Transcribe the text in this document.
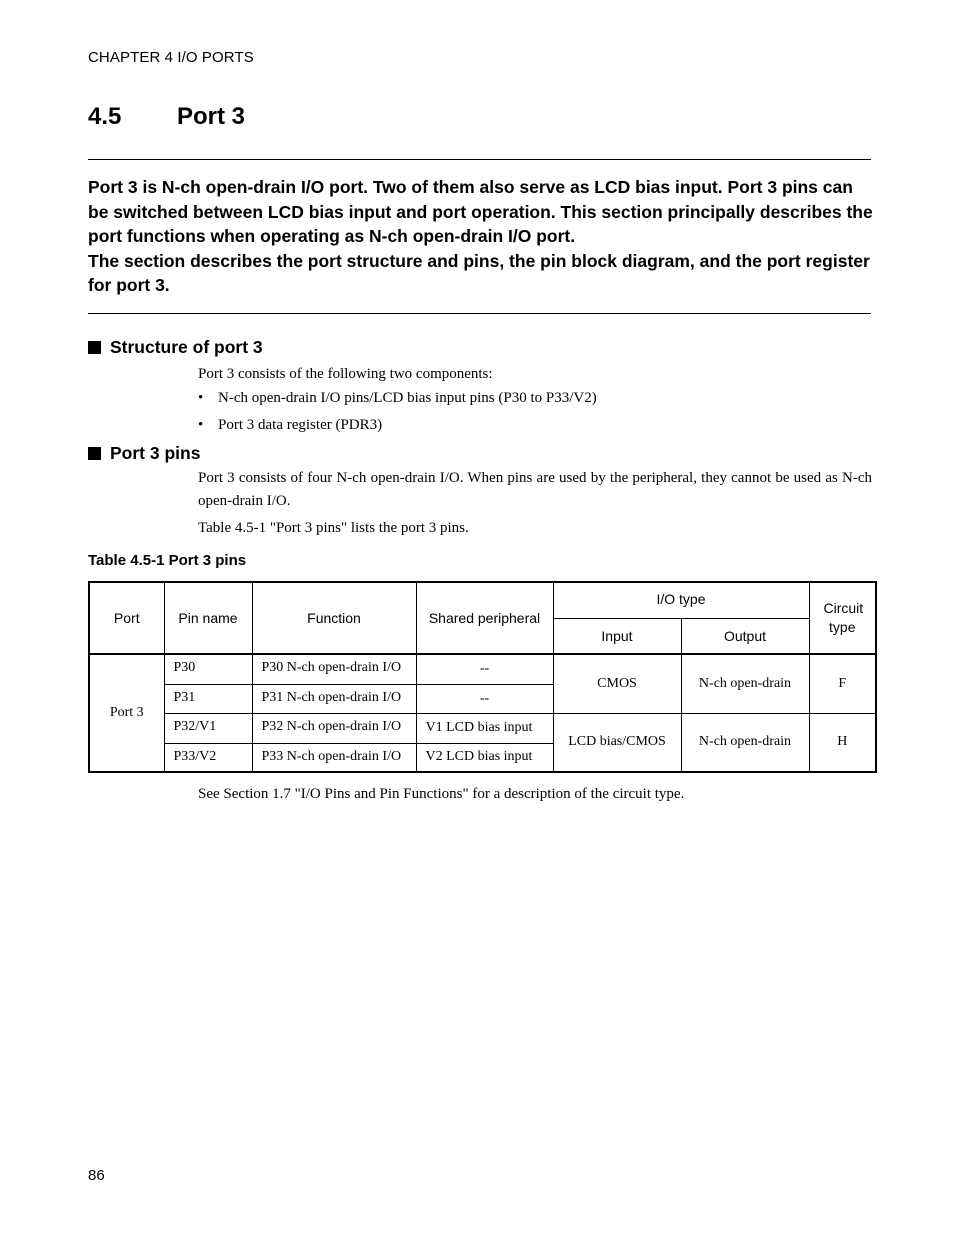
CHAPTER 4 I/O PORTS
4.5 Port 3

Port 3 is N-ch open-drain I/O port. Two of them also serve as LCD bias input. Port 3 pins can be switched between LCD bias input and port operation. This section principally describes the port functions when operating as N-ch open-drain I/O port.

The section describes the port structure and pins, the pin block diagram, and the port register for port 3.

Structure of port 3
Port 3 consists of the following two components:
• N-ch open-drain I/O pins/LCD bias input pins (P30 to P33/V2)
• Port 3 data register (PDR3)
Port 3 pins
Port 3 consists of four N-ch open-drain I/O. When pins are used by the peripheral, they cannot be used as N-ch open-drain I/O.
Table 4.5-1 "Port 3 pins" lists the port 3 pins.
Table 4.5-1 Port 3 pins
Port	Pin name	Function	Shared peripheral	I/O type		Circuit type
				Input	Output	
Port 3	P30	P30 N-ch open-drain I/O	--	CMOS	N-ch open-drain	F
	P31	P31 N-ch open-drain I/O	--			
	P32/V1	P32 N-ch open-drain I/O	V1 LCD bias input	LCD bias/CMOS	N-ch open-drain	H
	P33/V2	P33 N-ch open-drain I/O	V2 LCD bias input			
See Section 1.7 "I/O Pins and Pin Functions" for a description of the circuit type.
86
